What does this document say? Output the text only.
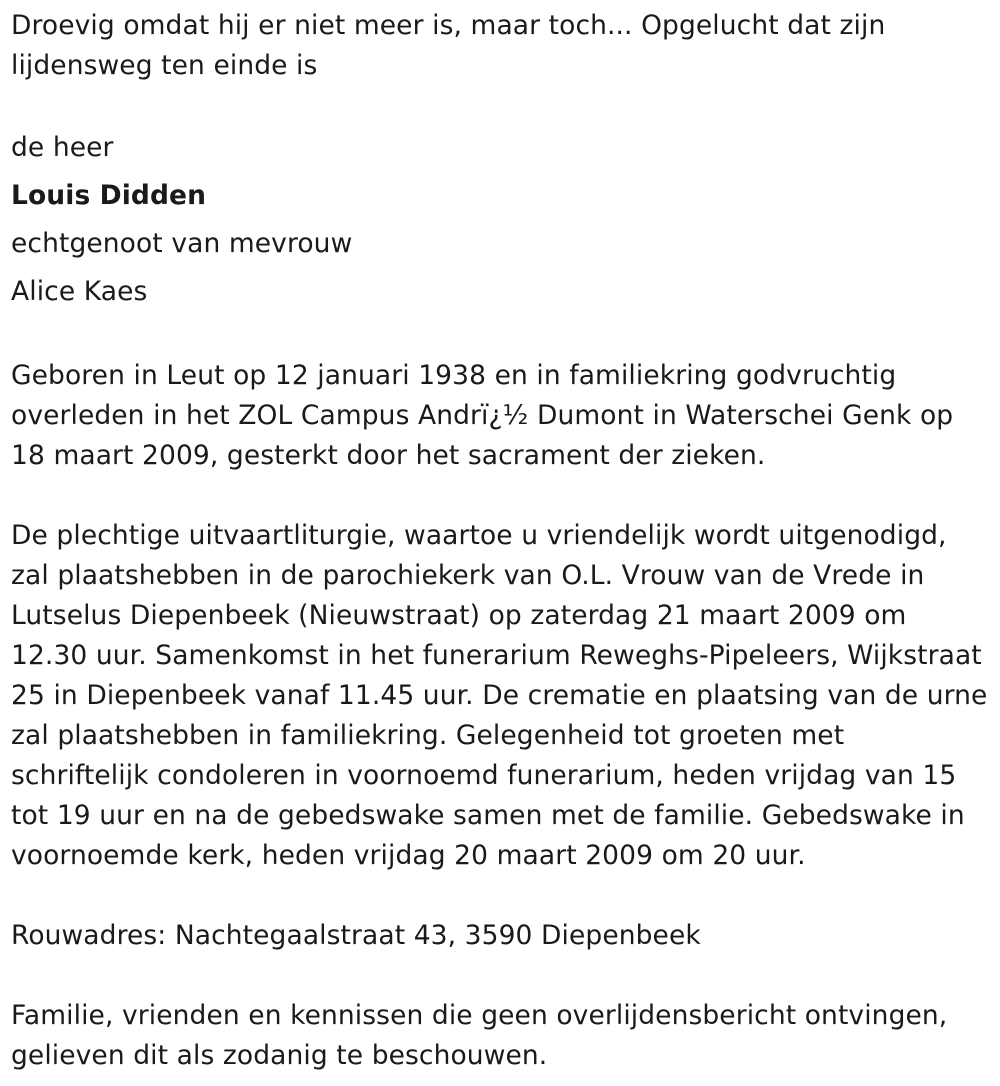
Droevig omdat hij er niet meer is, maar toch... Opgelucht dat zijn lijdensweg ten einde is

de heer

Louis Didden

echtgenoot van mevrouw

Alice Kaes

Geboren in Leut op 12 januari 1938 en in familiekring godvruchtig overleden in het ZOL Campus Andrï¿½ Dumont in Waterschei Genk op 18 maart 2009, gesterkt door het sacrament der zieken.

De plechtige uitvaartliturgie, waartoe u vriendelijk wordt uitgenodigd, zal plaatshebben in de parochiekerk van O.L. Vrouw van de Vrede in Lutselus Diepenbeek (Nieuwstraat) op zaterdag 21 maart 2009 om 12.30 uur. Samenkomst in het funerarium Reweghs-Pipeleers, Wijkstraat 25 in Diepenbeek vanaf 11.45 uur. De crematie en plaatsing van de urne zal plaatshebben in familiekring. Gelegenheid tot groeten met schriftelijk condoleren in voornoemd funerarium, heden vrijdag van 15 tot 19 uur en na de gebedswake samen met de familie. Gebedswake in voornoemde kerk, heden vrijdag 20 maart 2009 om 20 uur.

Rouwadres: Nachtegaalstraat 43, 3590 Diepenbeek

Familie, vrienden en kennissen die geen overlijdensbericht ontvingen, gelieven dit als zodanig te beschouwen.
